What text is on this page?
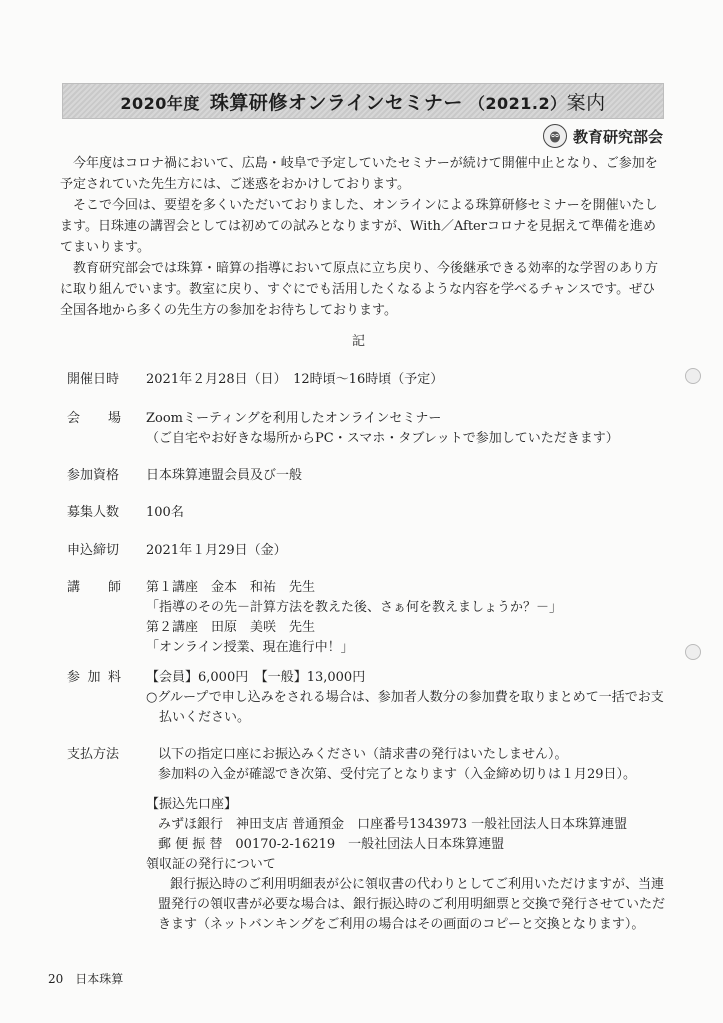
2020年度 珠算研修オンラインセミナー （2021.2）案内
教育研究部会

今年度はコロナ禍において、広島・岐阜で予定していたセミナーが続けて開催中止となり、ご参加を予定されていた先生方には、ご迷惑をおかけしております。

そこで今回は、要望を多くいただいておりました、オンラインによる珠算研修セミナーを開催いたします。日珠連の講習会としては初めての試みとなりますが、With／Afterコロナを見据えて準備を進めてまいります。

教育研究部会では珠算・暗算の指導において原点に立ち戻り、今後継承できる効率的な学習のあり方に取り組んでいます。教室に戻り、すぐにでも活用したくなるような内容を学べるチャンスです。ぜひ全国各地から多くの先生方の参加をお待ちしております。

記
開催日時	2021年２月28日（日）　12時頃〜16時頃（予定）

会 場 Zoomミーティングを利用したオンラインセミナー

（ご自宅やお好きな場所からPC・スマホ・タブレットで参加していただきます）

参加資格	日本珠算連盟会員及び一般

募集人数	100名

申込締切	2021年１月29日（金）

講 師 第１講座　金本　和祐　先生

「指導のその先－計算方法を教えた後、さぁ何を教えましょうか？－」

第２講座　田原　美咲　先生

「オンライン授業、現在進行中！」

参 加 料 【会員】6,000円　【一般】13,000円

○グループで申し込みをされる場合は、参加者人数分の参加費を取りまとめて一括でお支

払いください。

支払方法	以下の指定口座にお振込みください（請求書の発行はいたしません）。

参加料の入金が確認でき次第、受付完了となります（入金締め切りは１月29日）。

【振込先口座】

みずほ銀行　神田支店 普通預金　口座番号1343973 一般社団法人日本珠算連盟

郵 便 振 替　00170-2-16219　一般社団法人日本珠算連盟

領収証の発行について

銀行振込時のご利用明細表が公に領収書の代わりとしてご利用いただけますが、当連

盟発行の領収書が必要な場合は、銀行振込時のご利用明細票と交換で発行させていただ

きます（ネットバンキングをご利用の場合はその画面のコピーと交換となります）。

20　日本珠算
